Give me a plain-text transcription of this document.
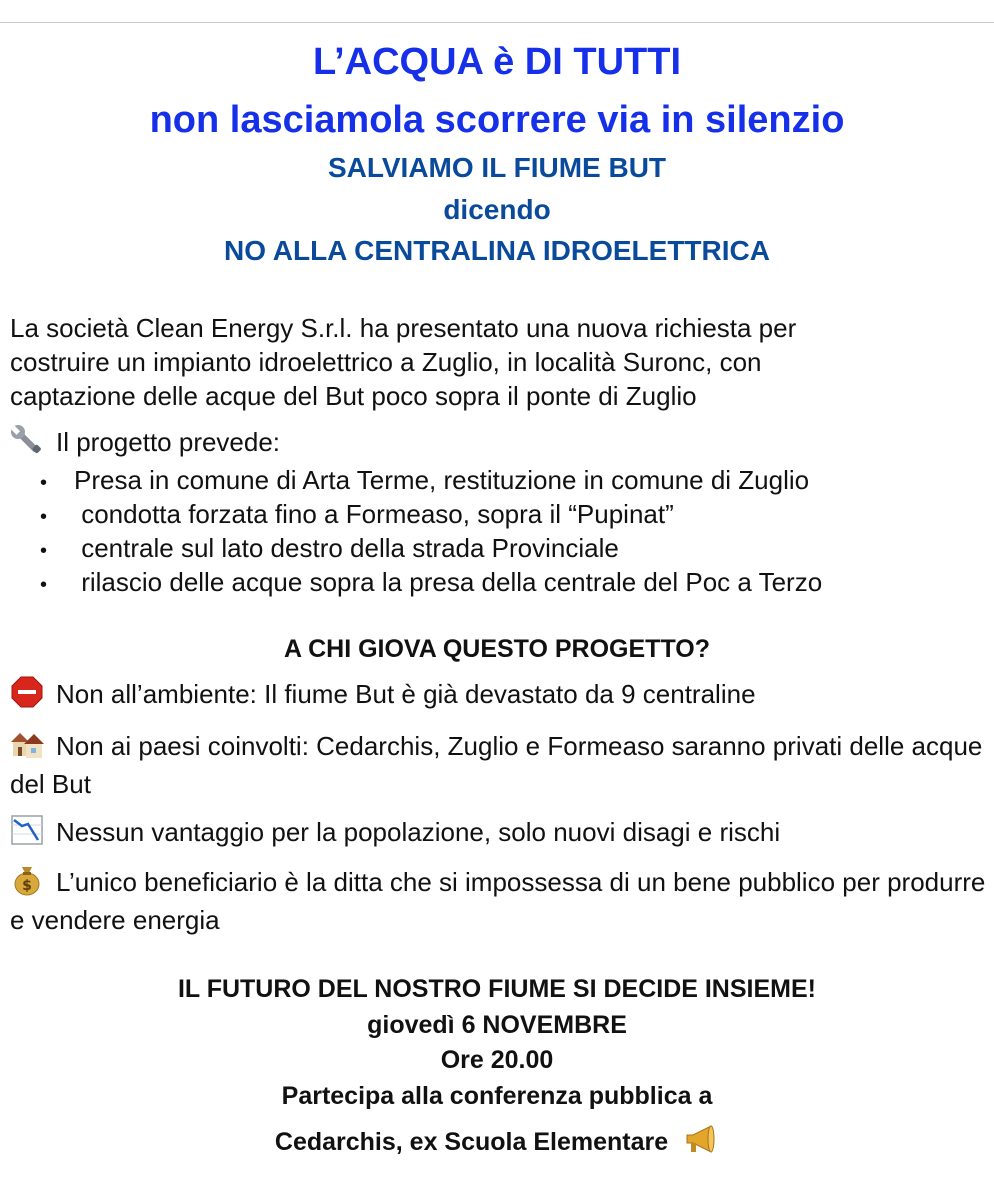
L’ACQUA è DI TUTTI
non lasciamola scorrere via in silenzio
SALVIAMO IL FIUME BUT
dicendo
NO ALLA CENTRALINA IDROELETTRICA
La società Clean Energy S.r.l. ha presentato una nuova richiesta per
costruire un impianto idroelettrico a Zuglio, in località Suronc, con
captazione delle acque del But poco sopra il ponte di Zuglio
Il progetto prevede:
• Presa in comune di Arta Terme, restituzione in comune di Zuglio
• condotta forzata fino a Formeaso, sopra il “Pupinat”
• centrale sul lato destro della strada Provinciale
• rilascio delle acque sopra la presa della centrale del Poc a Terzo
A CHI GIOVA QUESTO PROGETTO?
Non all’ambiente: Il fiume But è già devastato da 9 centraline
Non ai paesi coinvolti: Cedarchis, Zuglio e Formeaso saranno privati delle acque del But
Nessun vantaggio per la popolazione, solo nuovi disagi e rischi
$ L’unico beneficiario è la ditta che si impossessa di un bene pubblico per produrre e vendere energia
IL FUTURO DEL NOSTRO FIUME SI DECIDE INSIEME!
giovedì 6 NOVEMBRE
Ore 20.00
Partecipa alla conferenza pubblica a
Cedarchis, ex Scuola Elementare
